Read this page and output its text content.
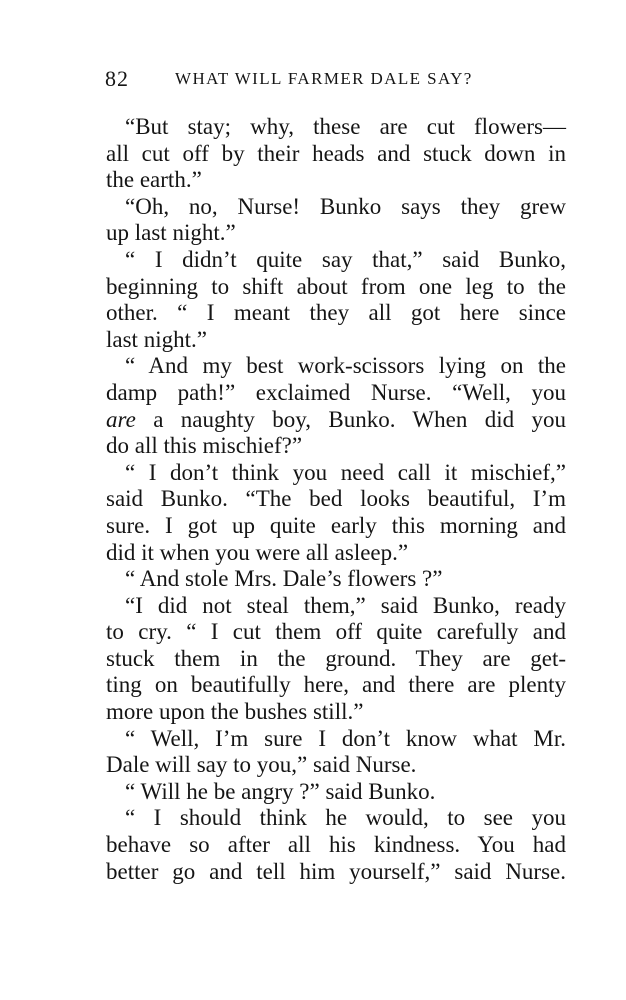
82	WHAT WILL FARMER DALE SAY?
“But stay; why, these are cut flowers—
all cut off by their heads and stuck down in
the earth.”
“Oh, no, Nurse! Bunko says they grew
up last night.”
“ I didn’t quite say that,” said Bunko,
beginning to shift about from one leg to the
other. “ I meant they all got here since
last night.”
“ And my best work-scissors lying on the
damp path!” exclaimed Nurse. “Well, you
are a naughty boy, Bunko. When did you
do all this mischief?”
“ I don’t think you need call it mischief,”
said Bunko. “The bed looks beautiful, I’m
sure. I got up quite early this morning and
did it when you were all asleep.”
“ And stole Mrs. Dale’s flowers ?”
“I did not steal them,” said Bunko, ready
to cry. “ I cut them off quite carefully and
stuck them in the ground. They are get-
ting on beautifully here, and there are plenty
more upon the bushes still.”
“ Well, I’m sure I don’t know what Mr.
Dale will say to you,” said Nurse.
“ Will he be angry ?” said Bunko.
“ I should think he would, to see you
behave so after all his kindness. You had
better go and tell him yourself,” said Nurse.
